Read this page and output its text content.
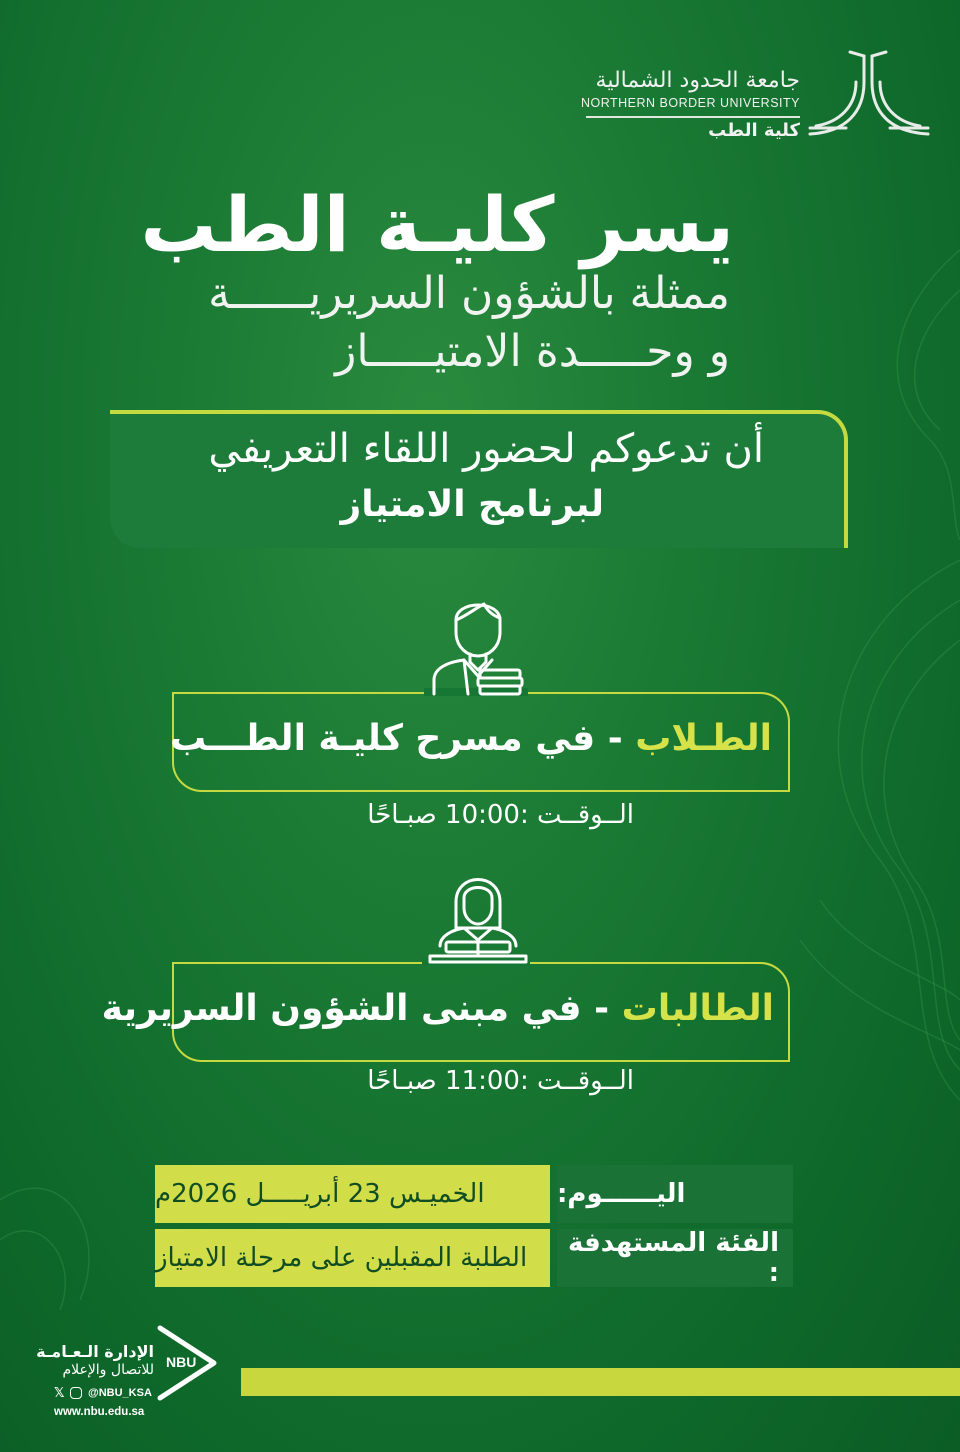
جامعة الحدود الشمالية
NORTHERN BORDER UNIVERSITY
كلية الطب
يسر كليـة الطب
ممثلة بالشؤون السريريــــــة
و وحـــــدة الامتيـــــاز
أن تدعوكم لحضور اللقاء التعريفي
لبرنامج الامتياز
الطـلاب - في مسرح كليـة الطـــب
الــوقــت :10:00 صبـاحًا
الطالبات - في مبنى الشؤون السريرية
الــوقــت :11:00 صبـاحًا
اليــــــوم:
الخميـس 23 أبريـــــل 2026م
الفئة المستهدفة :
الطلبة المقبلين على مرحلة الامتياز
NBU
الإدارة الـعـامـة
للاتصال والإعلام
𝕏 @NBU_KSA
www.nbu.edu.sa
